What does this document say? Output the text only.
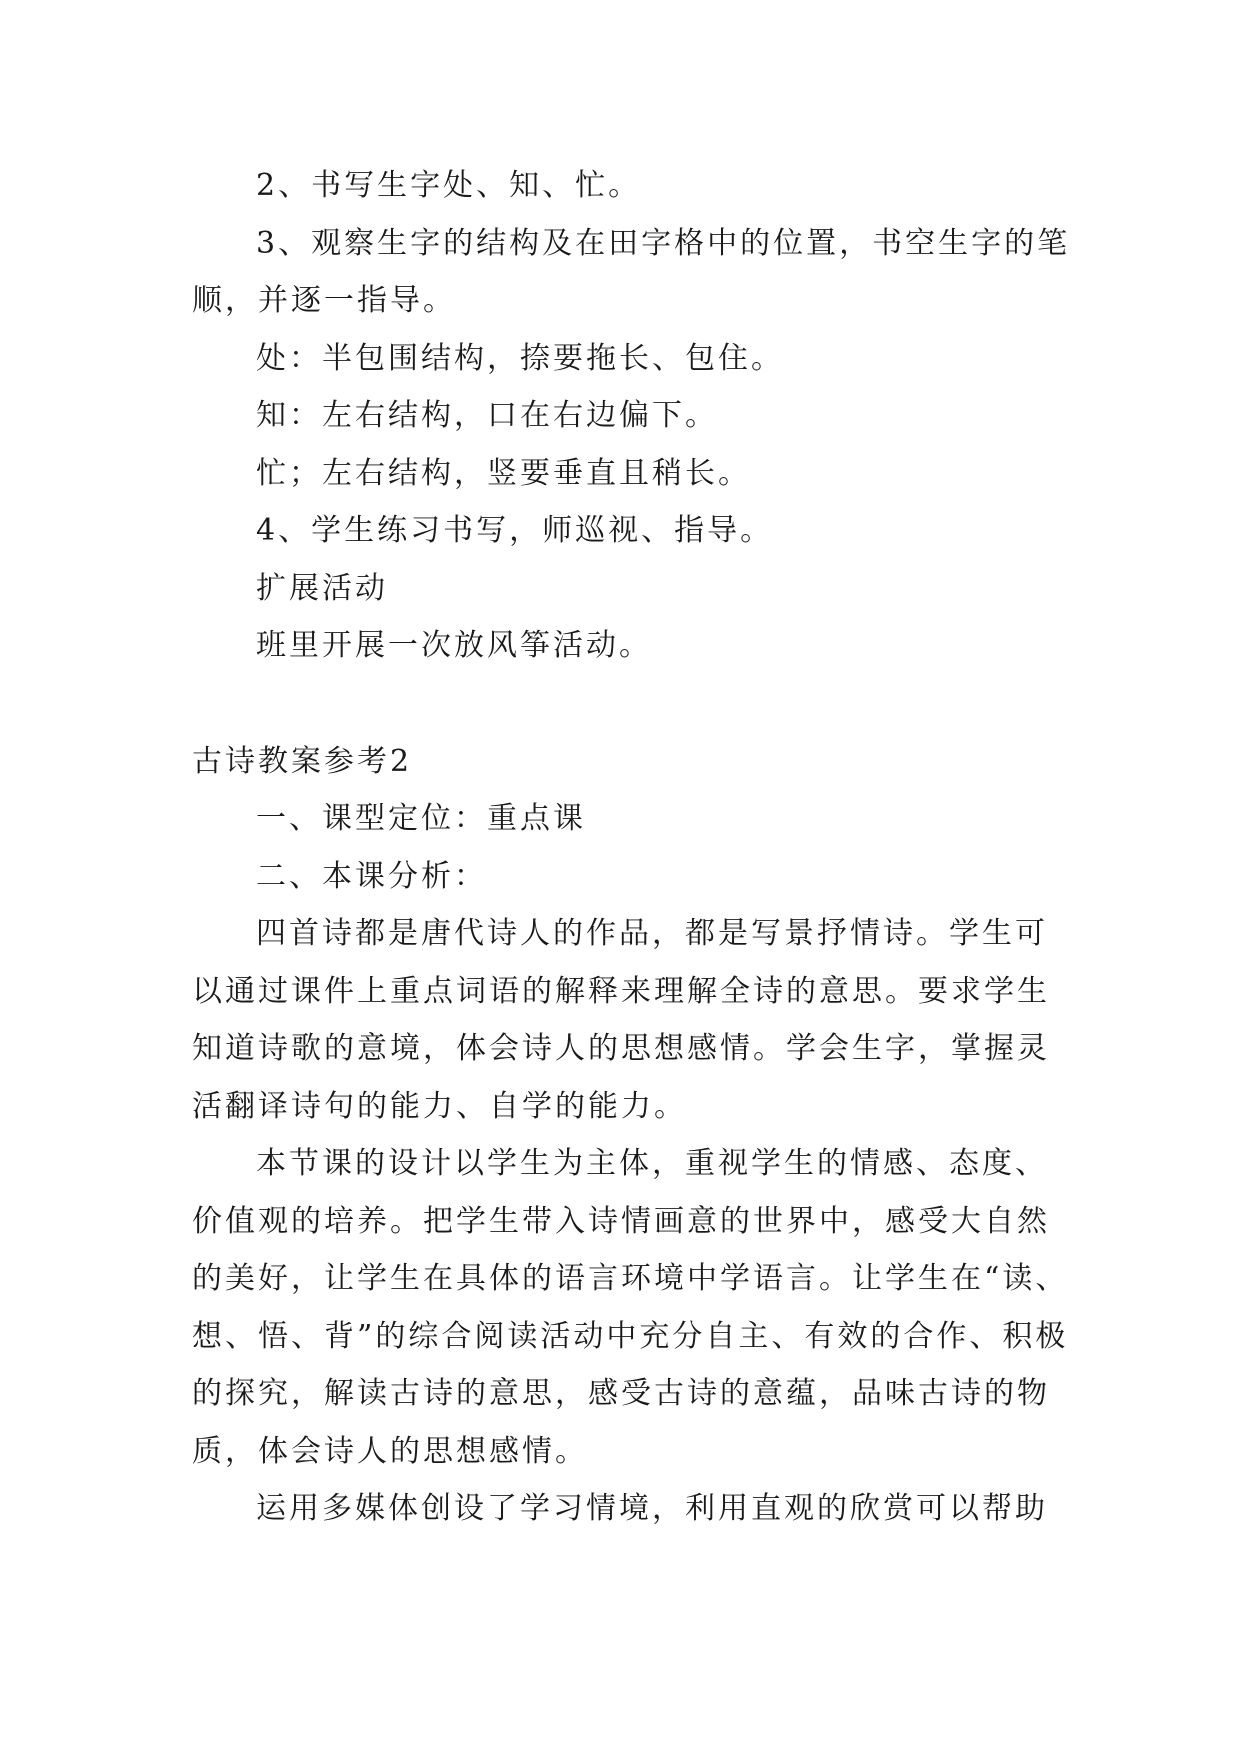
2、书写生字处、知、忙。

3、观察生字的结构及在田字格中的位置，书空生字的笔顺，并逐一指导。

处：半包围结构，捺要拖长、包住。

知：左右结构，口在右边偏下。

忙；左右结构，竖要垂直且稍长。

4、学生练习书写，师巡视、指导。

扩展活动

班里开展一次放风筝活动。

古诗教案参考2

一、课型定位：重点课

二、本课分析：

四首诗都是唐代诗人的作品，都是写景抒情诗。学生可以通过课件上重点词语的解释来理解全诗的意思。要求学生知道诗歌的意境，体会诗人的思想感情。学会生字，掌握灵活翻译诗句的能力、自学的能力。

本节课的设计以学生为主体，重视学生的情感、态度、价值观的培养。把学生带入诗情画意的世界中，感受大自然的美好，让学生在具体的语言环境中学语言。让学生在“读、想、悟、背”的综合阅读活动中充分自主、有效的合作、积极的探究，解读古诗的意思，感受古诗的意蕴，品味古诗的物质，体会诗人的思想感情。

运用多媒体创设了学习情境，利用直观的欣赏可以帮助
